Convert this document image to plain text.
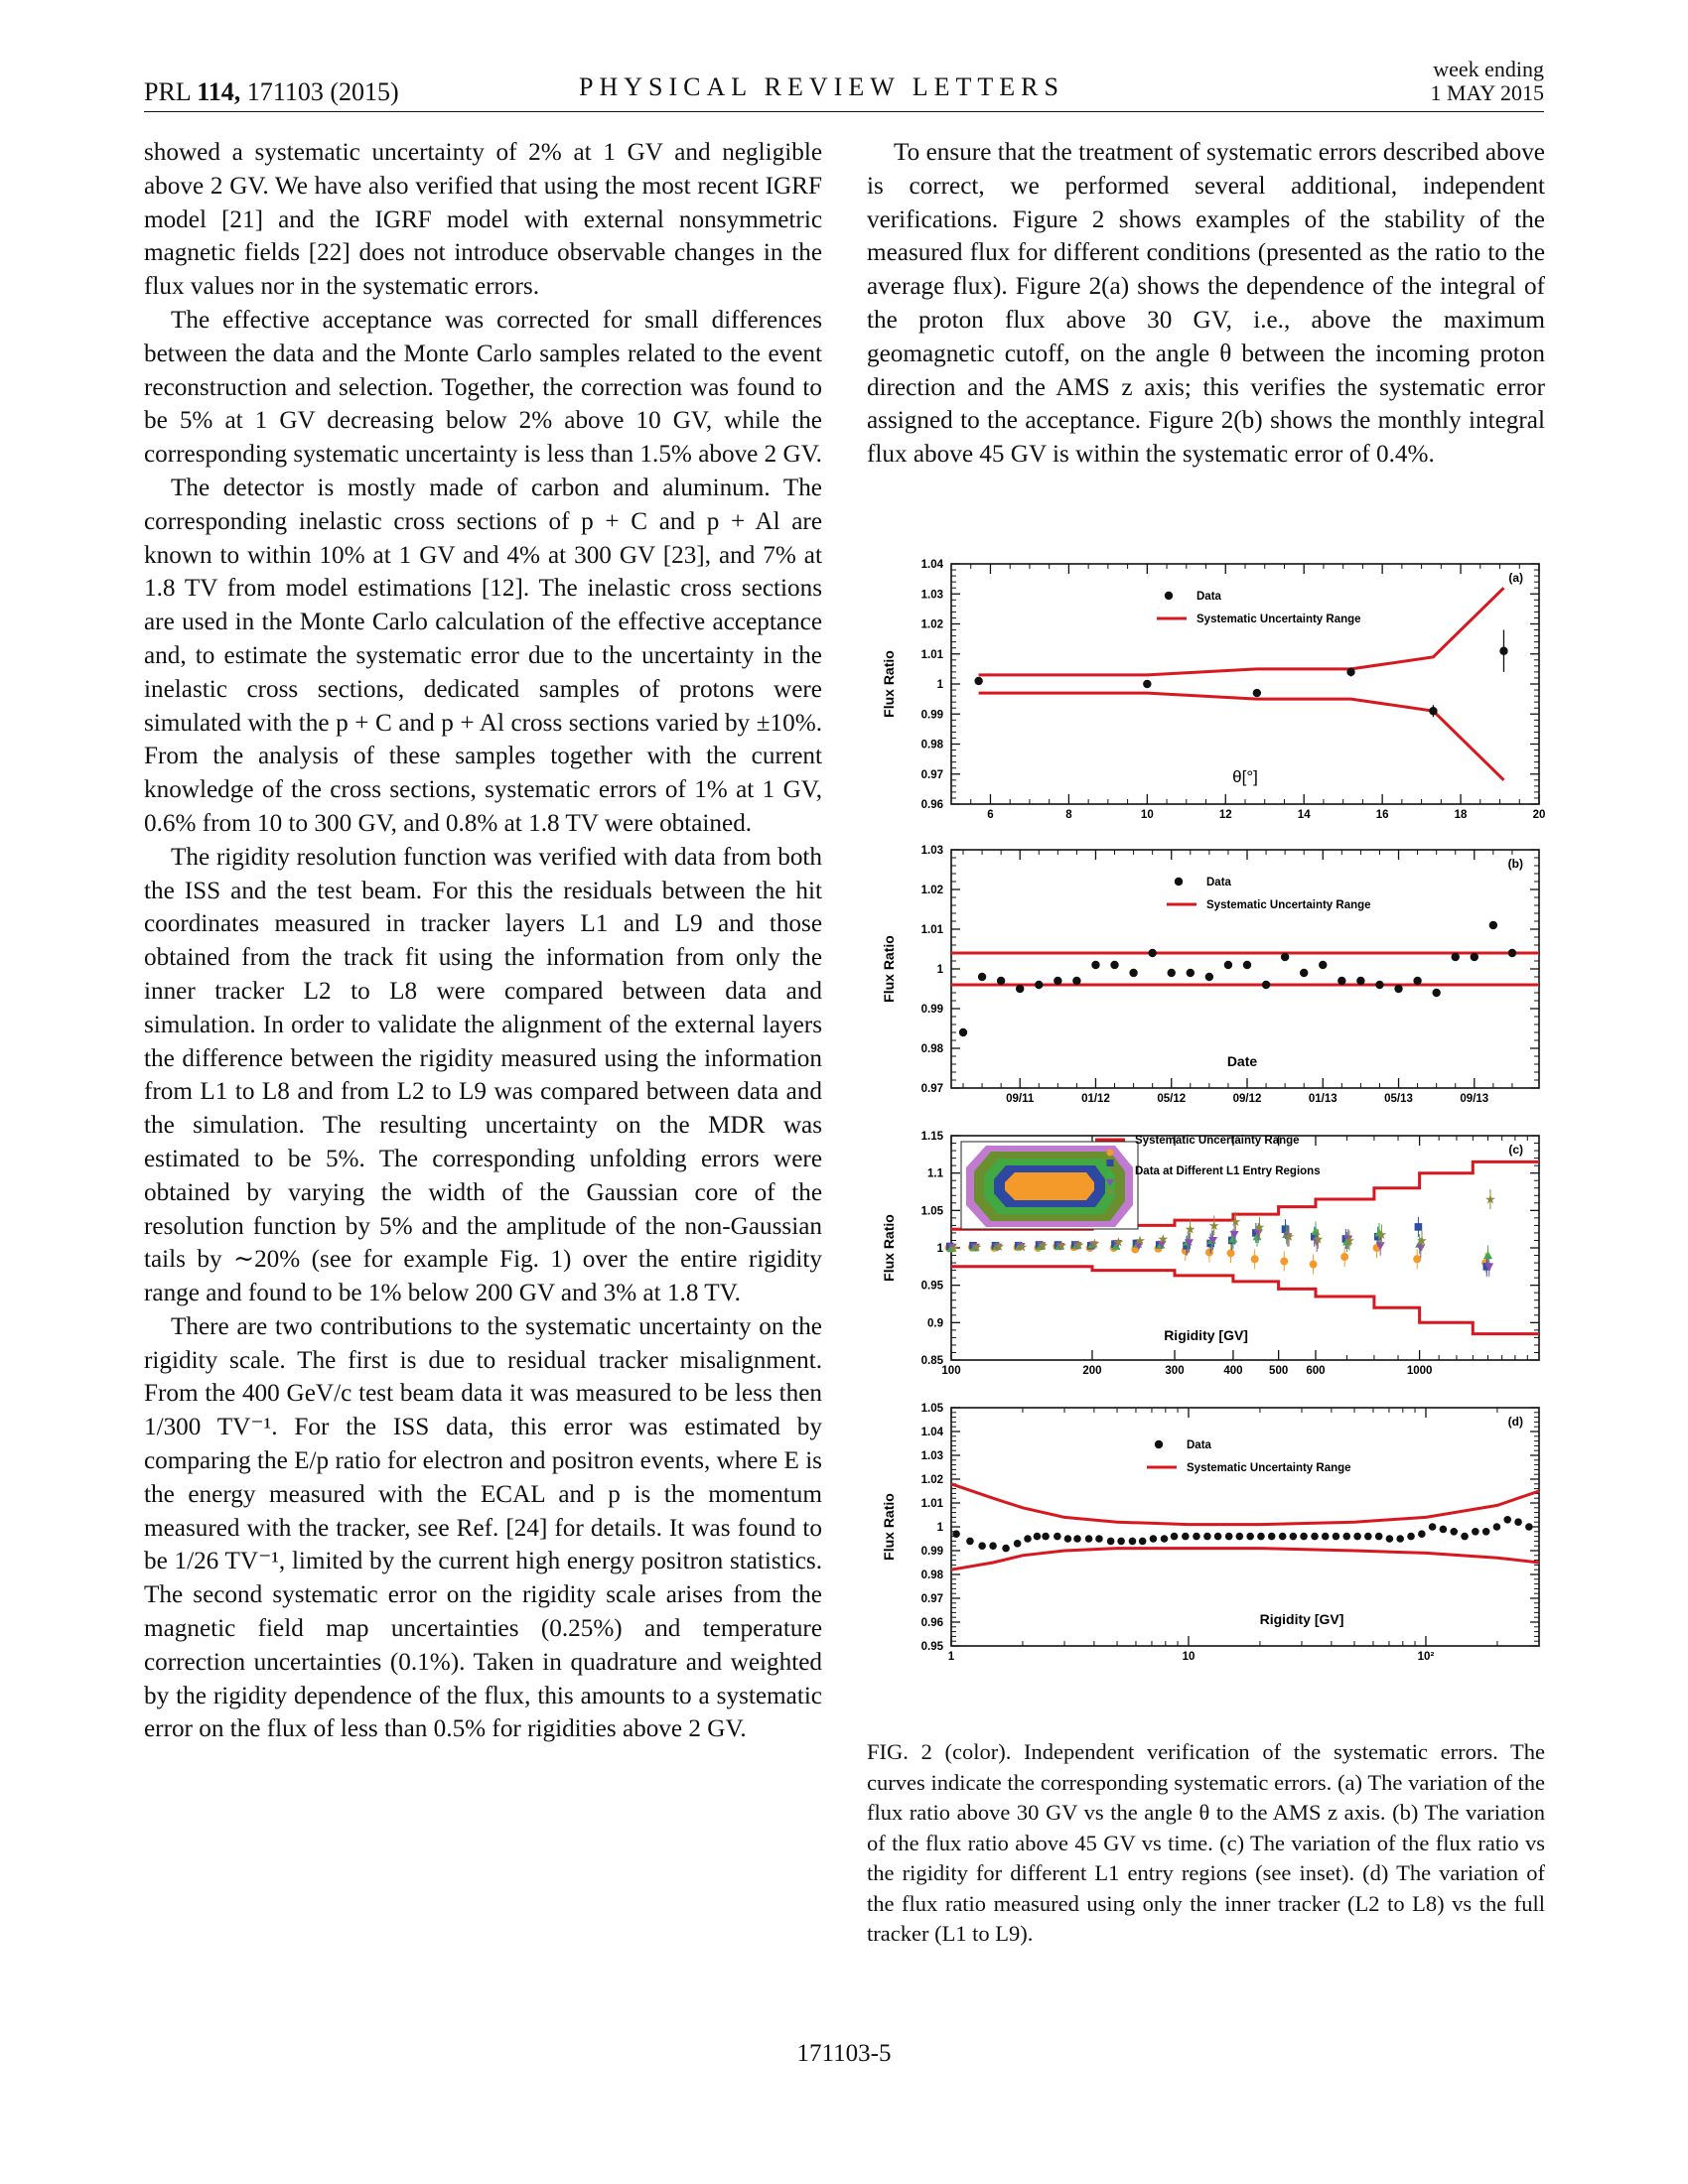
PRL 114, 171103 (2015)	PHYSICAL REVIEW LETTERS
week ending
1 MAY 2015

showed a systematic uncertainty of 2% at 1 GV and negligible above 2 GV. We have also verified that using the most recent IGRF model [21] and the IGRF model with external nonsymmetric magnetic fields [22] does not introduce observable changes in the flux values nor in the systematic errors.

The effective acceptance was corrected for small differences between the data and the Monte Carlo samples related to the event reconstruction and selection. Together, the correction was found to be 5% at 1 GV decreasing below 2% above 10 GV, while the corresponding systematic uncertainty is less than 1.5% above 2 GV.

The detector is mostly made of carbon and aluminum. The corresponding inelastic cross sections of p + C and p + Al are known to within 10% at 1 GV and 4% at 300 GV [23], and 7% at 1.8 TV from model estimations [12]. The inelastic cross sections are used in the Monte Carlo calculation of the effective acceptance and, to estimate the systematic error due to the uncertainty in the inelastic cross sections, dedicated samples of protons were simulated with the p + C and p + Al cross sections varied by ±10%. From the analysis of these samples together with the current knowledge of the cross sections, systematic errors of 1% at 1 GV, 0.6% from 10 to 300 GV, and 0.8% at 1.8 TV were obtained.

The rigidity resolution function was verified with data from both the ISS and the test beam. For this the residuals between the hit coordinates measured in tracker layers L1 and L9 and those obtained from the track fit using the information from only the inner tracker L2 to L8 were compared between data and simulation. In order to validate the alignment of the external layers the difference between the rigidity measured using the information from L1 to L8 and from L2 to L9 was compared between data and the simulation. The resulting uncertainty on the MDR was estimated to be 5%. The corresponding unfolding errors were obtained by varying the width of the Gaussian core of the resolution function by 5% and the amplitude of the non-Gaussian tails by ∼20% (see for example Fig. 1) over the entire rigidity range and found to be 1% below 200 GV and 3% at 1.8 TV.

There are two contributions to the systematic uncertainty on the rigidity scale. The first is due to residual tracker misalignment. From the 400 GeV/c test beam data it was measured to be less then 1/300 TV⁻¹. For the ISS data, this error was estimated by comparing the E/p ratio for electron and positron events, where E is the energy measured with the ECAL and p is the momentum measured with the tracker, see Ref. [24] for details. It was found to be 1/26 TV⁻¹, limited by the current high energy positron statistics. The second systematic error on the rigidity scale arises from the magnetic field map uncertainties (0.25%) and temperature correction uncertainties (0.1%). Taken in quadrature and weighted by the rigidity dependence of the flux, this amounts to a systematic error on the flux of less than 0.5% for rigidities above 2 GV.

To ensure that the treatment of systematic errors described above is correct, we performed several additional, independent verifications. Figure 2 shows examples of the stability of the measured flux for different conditions (presented as the ratio to the average flux). Figure 2(a) shows the dependence of the integral of the proton flux above 30 GV, i.e., above the maximum geomagnetic cutoff, on the angle θ between the incoming proton direction and the AMS z axis; this verifies the systematic error assigned to the acceptance. Figure 2(b) shows the monthly integral flux above 45 GV is within the systematic error of 0.4%.

0.96
0.97
0.98
0.99
1
1.01
1.02
1.03
1.04
Flux Ratio
6	8	10	12	14	16	18	20
Data
Systematic Uncertainty Range
(a)
θ[°]
0.97
0.98
0.99
1
1.01
1.02
1.03
Flux Ratio
09/11	01/12	05/12	09/12	01/13	05/13	09/13
Data
Systematic Uncertainty Range
(b)
Date
0.85
0.9
0.95
1
1.05
1.1
1.15
Flux Ratio
100	200	300	400 500 600	1000
★ ★ ★ ★ ★ ★ ★ ★ ★ ★ ★
★ ★ ★ ★
★ ★ ★ ★ ★
★
Systematic Uncertainty Range
★
Data at Different L1 Entry Regions
(c)
Rigidity [GV]
0.95
0.96
0.97
0.98
0.99
1
1.01
1.02
1.03
1.04
1.05
Flux Ratio
1	10	10²
Data
Systematic Uncertainty Range
(d)
Rigidity [GV]
FIG. 2 (color). Independent verification of the systematic errors. The curves indicate the corresponding systematic errors. (a) The variation of the flux ratio above 30 GV vs the angle θ to the AMS z axis. (b) The variation of the flux ratio above 45 GV vs time. (c) The variation of the flux ratio vs the rigidity for different L1 entry regions (see inset). (d) The variation of the flux ratio measured using only the inner tracker (L2 to L8) vs the full tracker (L1 to L9).
171103-5
